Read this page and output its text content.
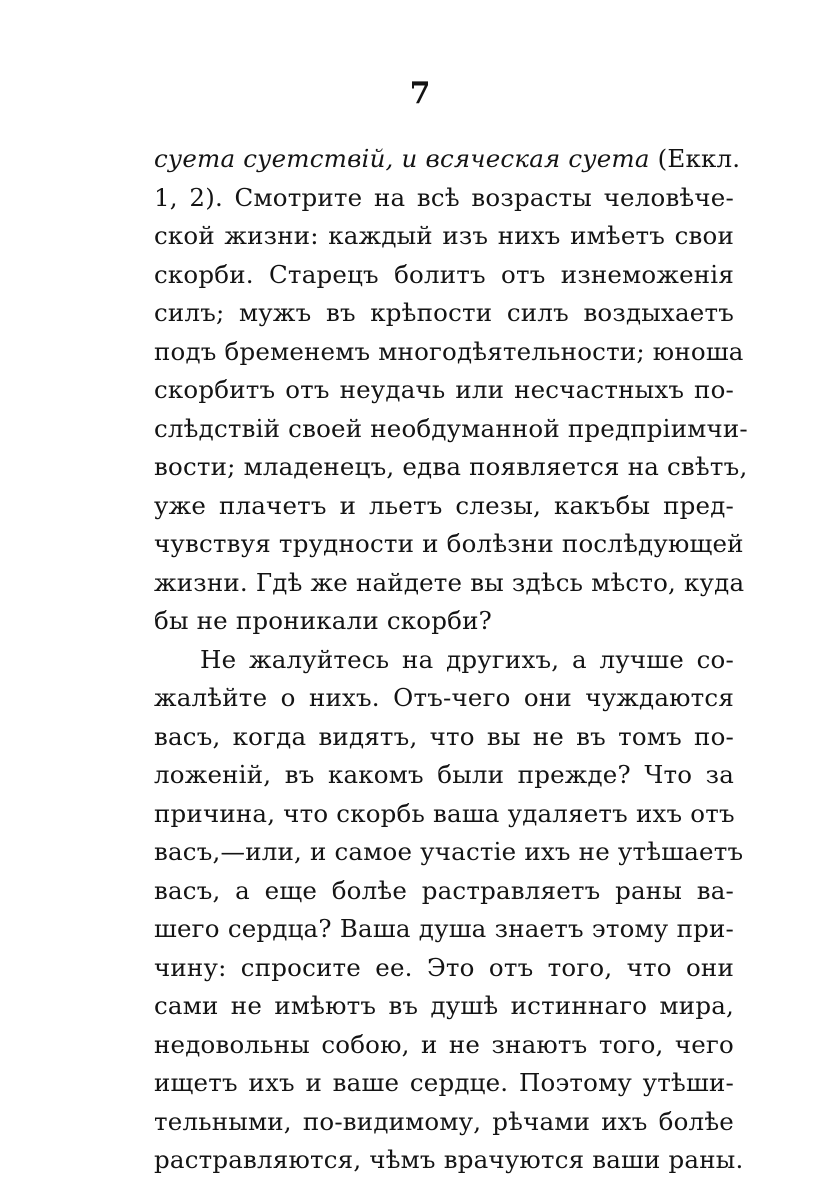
7
суета суетствій, и всяческая суета (Еккл.
1, 2). Смотрите на всѣ возрасты человѣче-
ской жизни: каждый изъ нихъ имѣетъ свои
скорби. Старецъ болитъ отъ изнеможенія
силъ; мужъ въ крѣпости силъ воздыхаетъ
подъ бременемъ многодѣятельности; юноша
скорбитъ отъ неудачь или несчастныхъ по-
слѣдствій своей необдуманной предпріимчи-
вости; младенецъ, едва появляется на свѣтъ,
уже плачетъ и льетъ слезы, какъбы пред-
чувствуя трудности и болѣзни послѣдующей
жизни. Гдѣ же найдете вы здѣсь мѣсто, куда
бы не проникали скорби?
Не жалуйтесь на другихъ, а лучше со-
жалѣйте о нихъ. Отъ-чего они чуждаются
васъ, когда видятъ, что вы не въ томъ по-
ложеній, въ какомъ были прежде? Что за
причина, что скорбь ваша удаляетъ ихъ отъ
васъ,—или, и самое участіе ихъ не утѣшаетъ
васъ, а еще болѣе растравляетъ раны ва-
шего сердца? Ваша душа знаетъ этому при-
чину: спросите ее. Это отъ того, что они
сами не имѣютъ въ душѣ истиннаго мира,
недовольны собою, и не знаютъ того, чего
ищетъ ихъ и ваше сердце. Поэтому утѣши-
тельными, по-видимому, рѣчами ихъ болѣе
растравляются, чѣмъ врачуются ваши раны.
